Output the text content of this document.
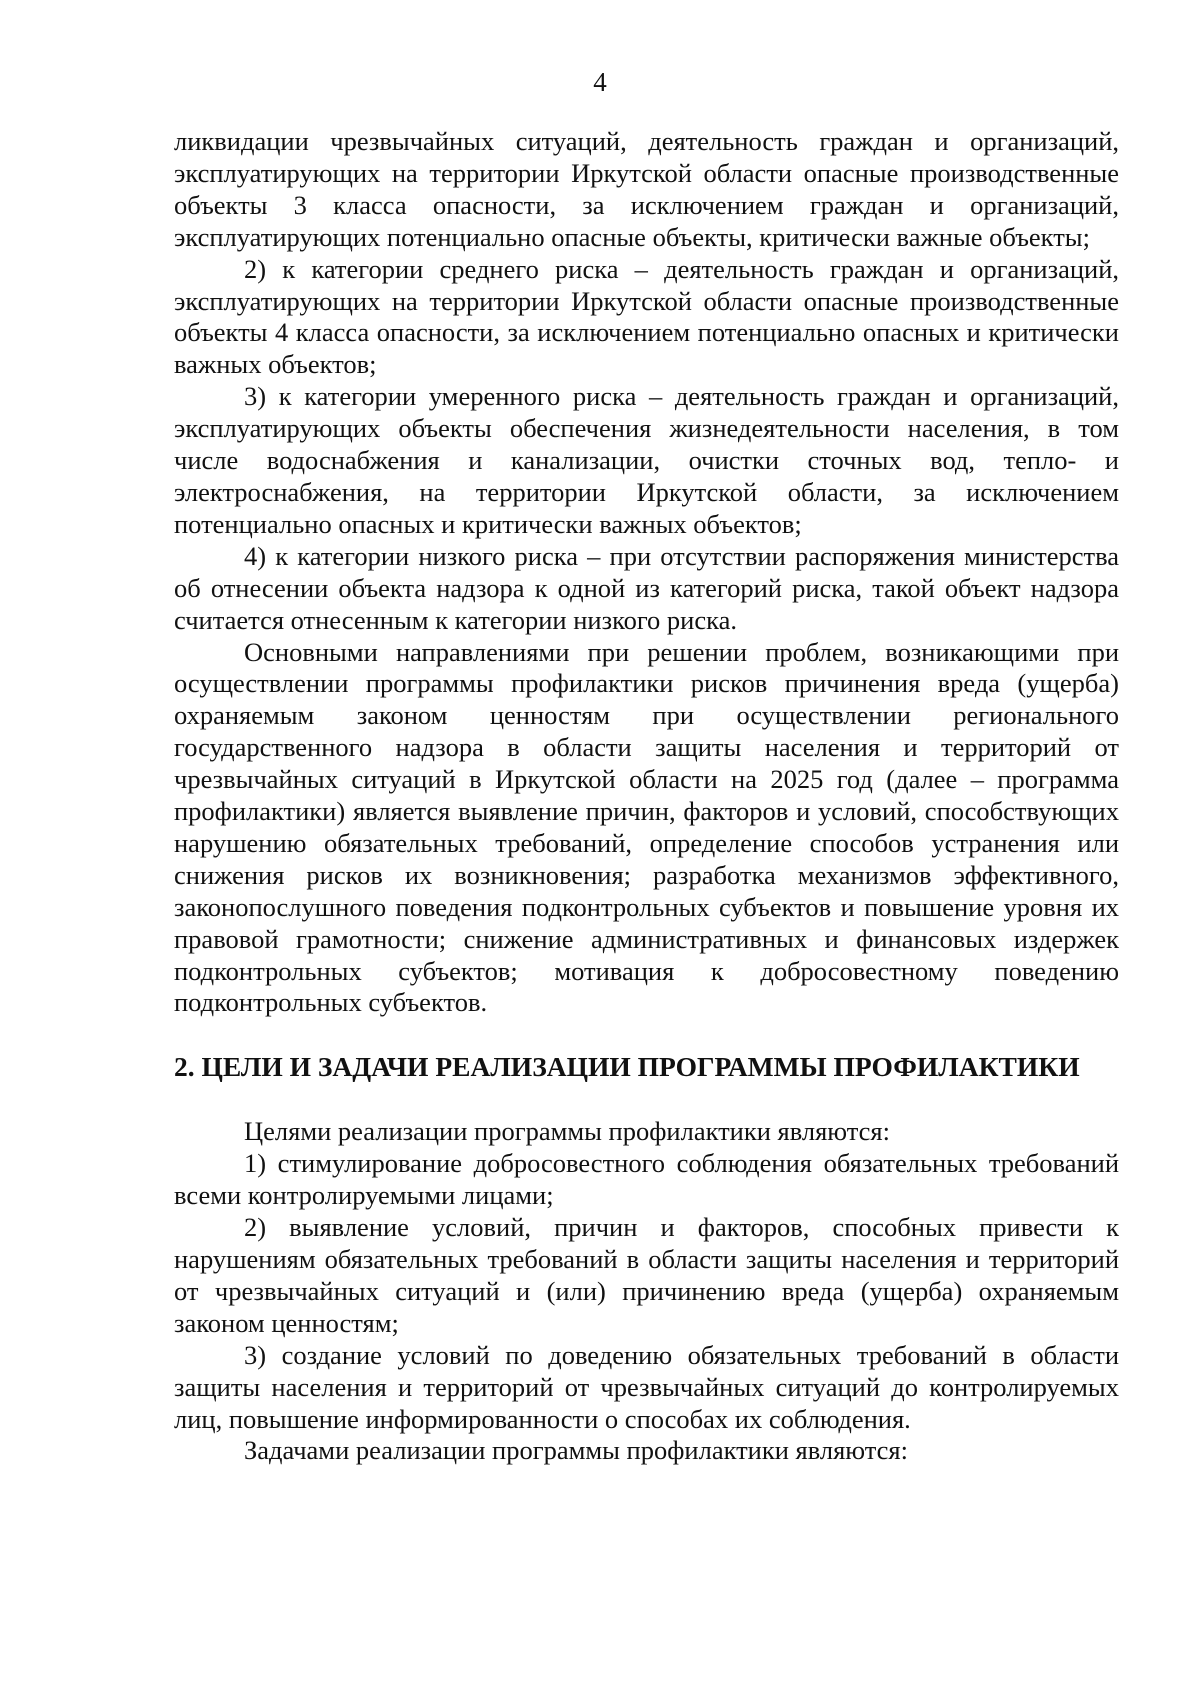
4

ликвидации чрезвычайных ситуаций, деятельность граждан и организаций, эксплуатирующих на территории Иркутской области опасные производственные объекты 3 класса опасности, за исключением граждан и организаций, эксплуатирующих потенциально опасные объекты, критически важные объекты;

2) к категории среднего риска – деятельность граждан и организаций, эксплуатирующих на территории Иркутской области опасные производственные объекты 4 класса опасности, за исключением потенциально опасных и критически важных объектов;

3) к категории умеренного риска – деятельность граждан и организаций, эксплуатирующих объекты обеспечения жизнедеятельности населения, в том числе водоснабжения и канализации, очистки сточных вод, тепло- и электроснабжения, на территории Иркутской области, за исключением потенциально опасных и критически важных объектов;

4) к категории низкого риска – при отсутствии распоряжения министерства об отнесении объекта надзора к одной из категорий риска, такой объект надзора считается отнесенным к категории низкого риска.

Основными направлениями при решении проблем, возникающими при осуществлении программы профилактики рисков причинения вреда (ущерба) охраняемым законом ценностям при осуществлении регионального государственного надзора в области защиты населения и территорий от чрезвычайных ситуаций в Иркутской области на 2025 год (далее – программа профилактики) является выявление причин, факторов и условий, способствующих нарушению обязательных требований, определение способов устранения или снижения рисков их возникновения; разработка механизмов эффективного, законопослушного поведения подконтрольных субъектов и повышение уровня их правовой грамотности; снижение административных и финансовых издержек подконтрольных субъектов; мотивация к добросовестному поведению подконтрольных субъектов.

2. ЦЕЛИ И ЗАДАЧИ РЕАЛИЗАЦИИ ПРОГРАММЫ ПРОФИЛАКТИКИ

Целями реализации программы профилактики являются:

1) стимулирование добросовестного соблюдения обязательных требований всеми контролируемыми лицами;

2) выявление условий, причин и факторов, способных привести к нарушениям обязательных требований в области защиты населения и территорий от чрезвычайных ситуаций и (или) причинению вреда (ущерба) охраняемым законом ценностям;

3) создание условий по доведению обязательных требований в области защиты населения и территорий от чрезвычайных ситуаций до контролируемых лиц, повышение информированности о способах их соблюдения.

Задачами реализации программы профилактики являются:
